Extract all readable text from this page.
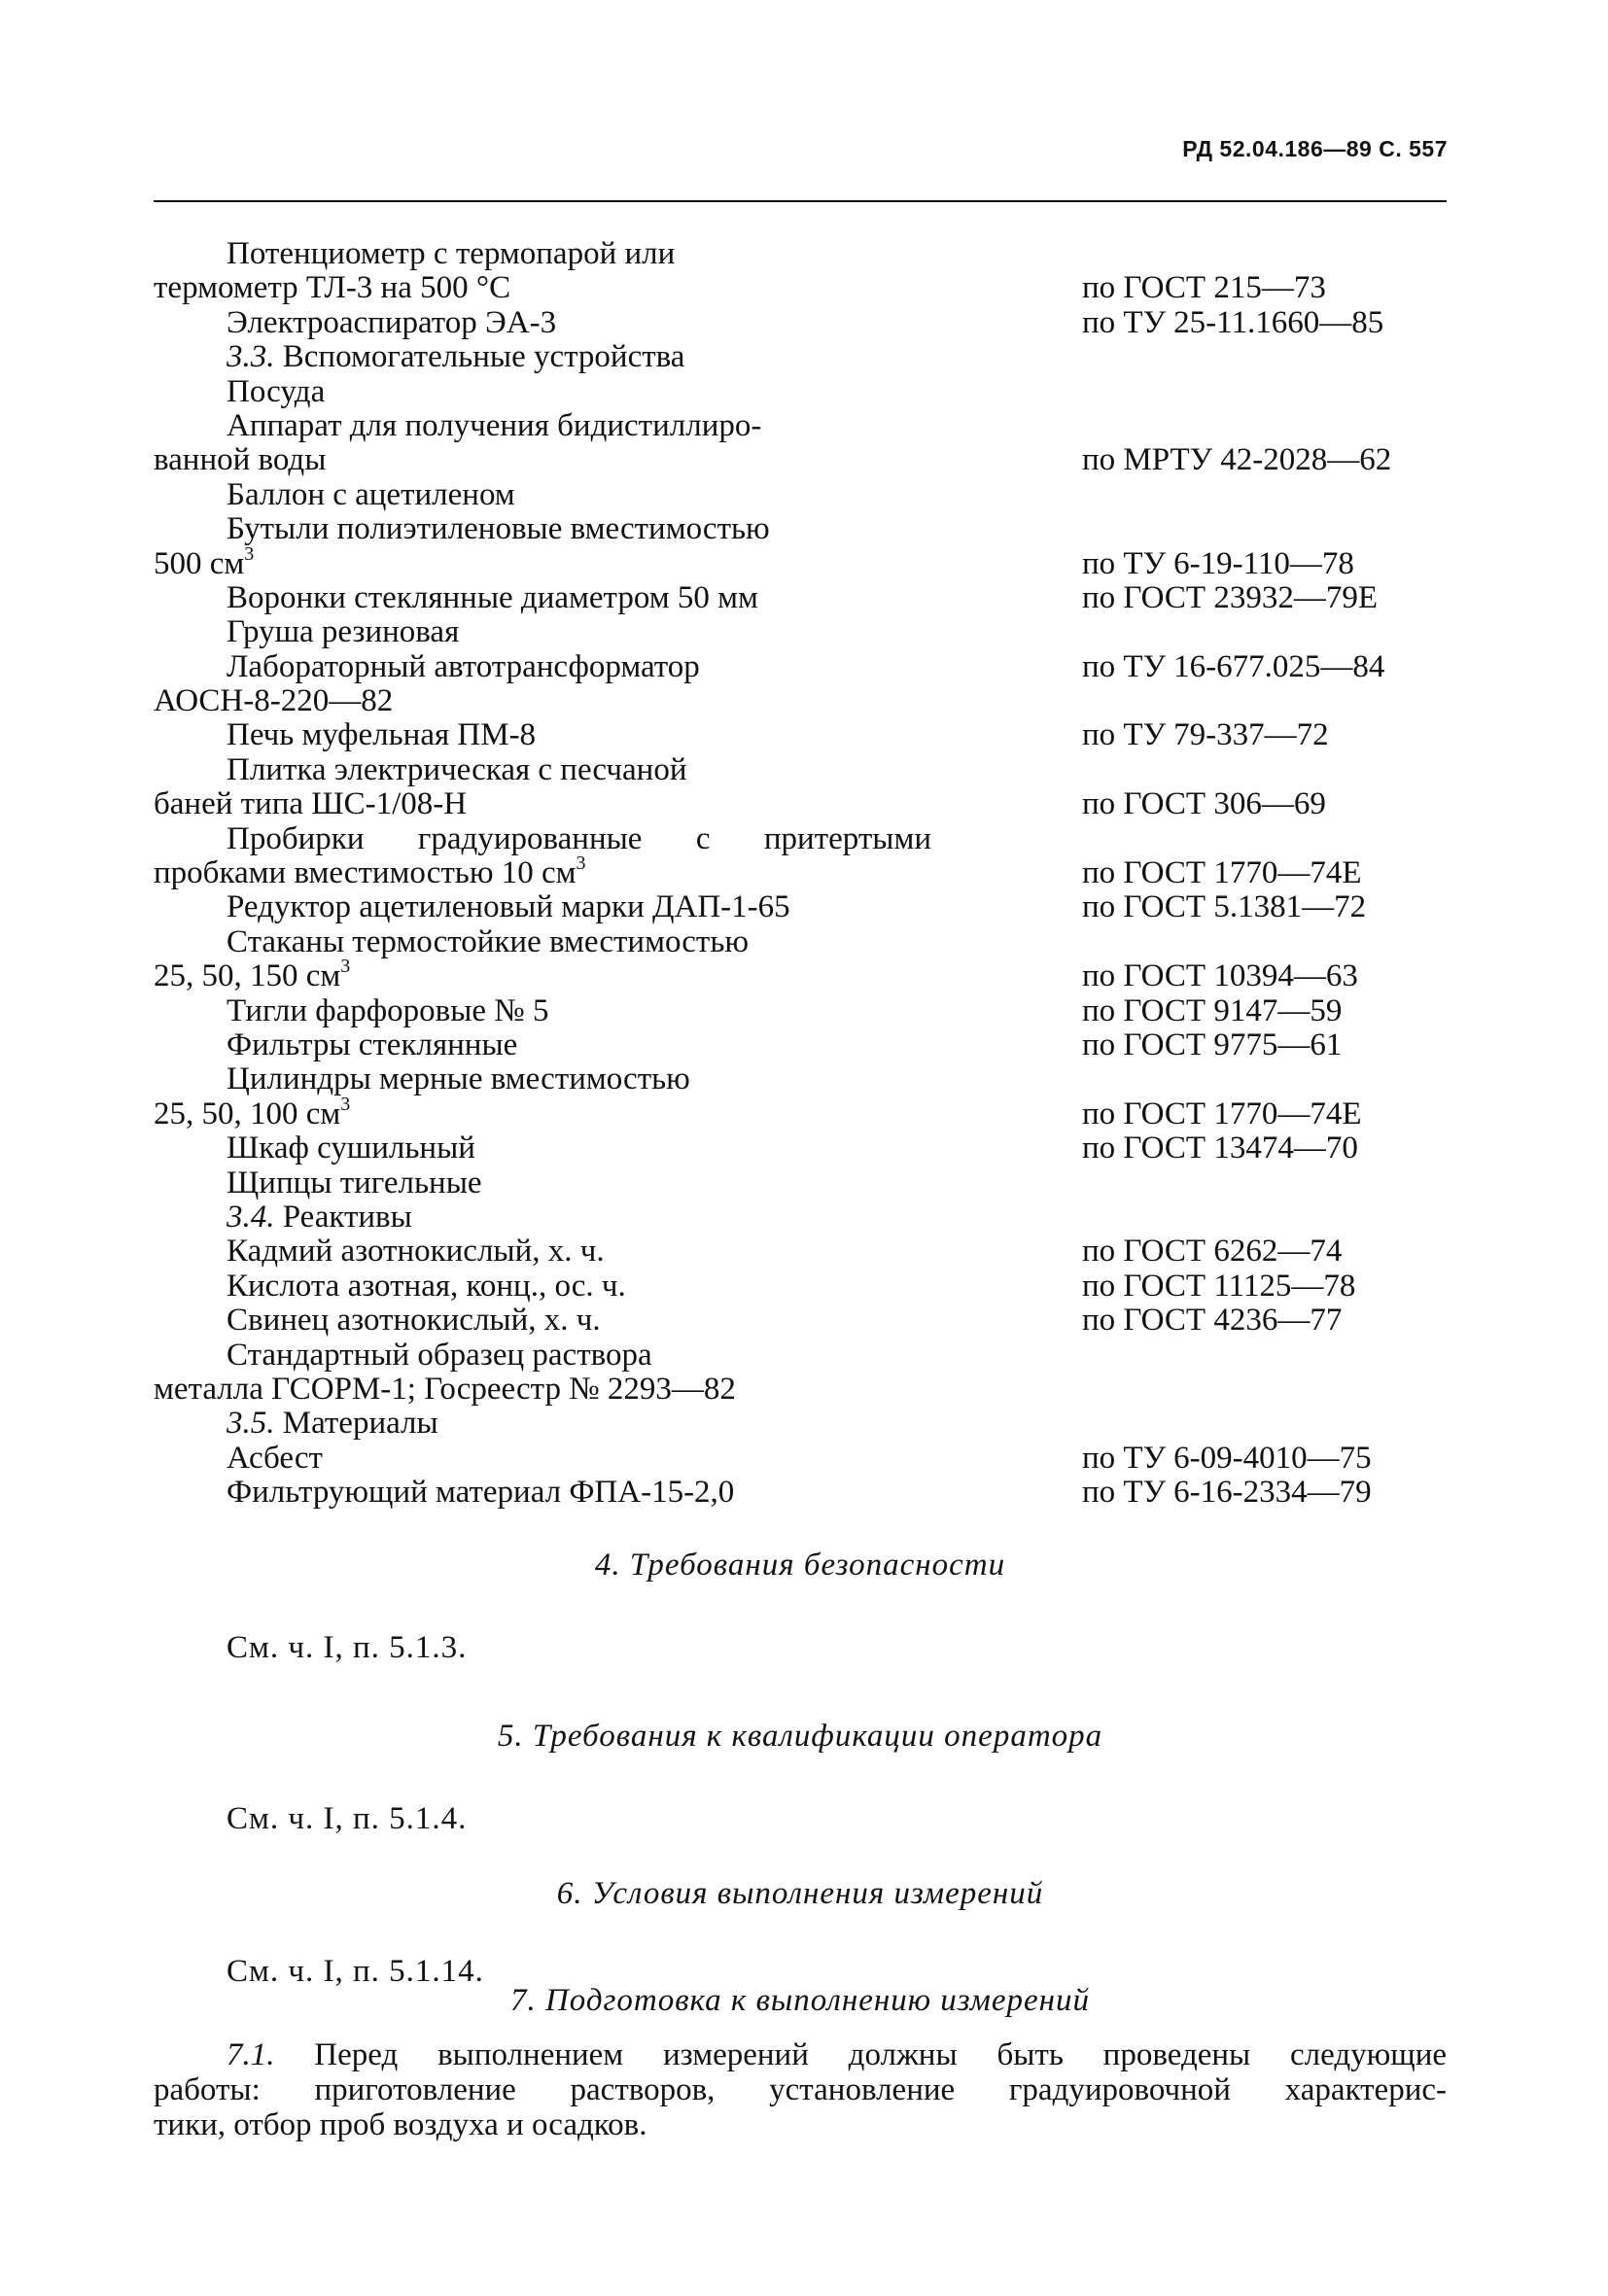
РД 52.04.186—89 С. 557
Потенциометр с термопарой или
термометр ТЛ-3 на 500 °С	по ГОСТ 215—73
Электроаспиратор ЭА-3	по ТУ 25-11.1660—85
3.3. Вспомогательные устройства
Посуда
Аппарат для получения бидистиллиро-
ванной воды	по МРТУ 42-2028—62
Баллон с ацетиленом
Бутыли полиэтиленовые вместимостью
500 $см^3$	по ТУ 6-19-110—78
Воронки стеклянные диаметром 50 мм	по ГОСТ 23932—79Е
Груша резиновая
Лабораторный автотрансформатор	по ТУ 16-677.025—84
АОСН-8-220—82
Печь муфельная ПМ-8	по ТУ 79-337—72
Плитка электрическая с песчаной
баней типа ШС-1/08-Н	по ГОСТ 306—69
Пробирки градуированные с притертыми
пробками вместимостью 10 $см^3$	по ГОСТ 1770—74Е
Редуктор ацетиленовый марки ДАП-1-65	по ГОСТ 5.1381—72
Стаканы термостойкие вместимостью
25, 50, 150 $см^3$	по ГОСТ 10394—63
Тигли фарфоровые № 5	по ГОСТ 9147—59
Фильтры стеклянные	по ГОСТ 9775—61
Цилиндры мерные вместимостью
25, 50, 100 $см^3$	по ГОСТ 1770—74Е
Шкаф сушильный	по ГОСТ 13474—70
Щипцы тигельные
3.4. Реактивы
Кадмий азотнокислый, х. ч.	по ГОСТ 6262—74
Кислота азотная, конц., ос. ч.	по ГОСТ 11125—78
Свинец азотнокислый, х. ч.	по ГОСТ 4236—77
Стандартный образец раствора
металла ГСОРМ-1; Госреестр № 2293—82
3.5. Материалы
Асбест	по ТУ 6-09-4010—75
Фильтрующий материал ФПА-15-2,0	по ТУ 6-16-2334—79
4. Требования безопасности
См. ч. I, п. 5.1.3.
5. Требования к квалификации оператора
См. ч. I, п. 5.1.4.
6. Условия выполнения измерений
См. ч. I, п. 5.1.14.
7. Подготовка к выполнению измерений
7.1. Перед выполнением измерений должны быть проведены следующие
работы: приготовление растворов, установление градуировочной характерис-
тики, отбор проб воздуха и осадков.
